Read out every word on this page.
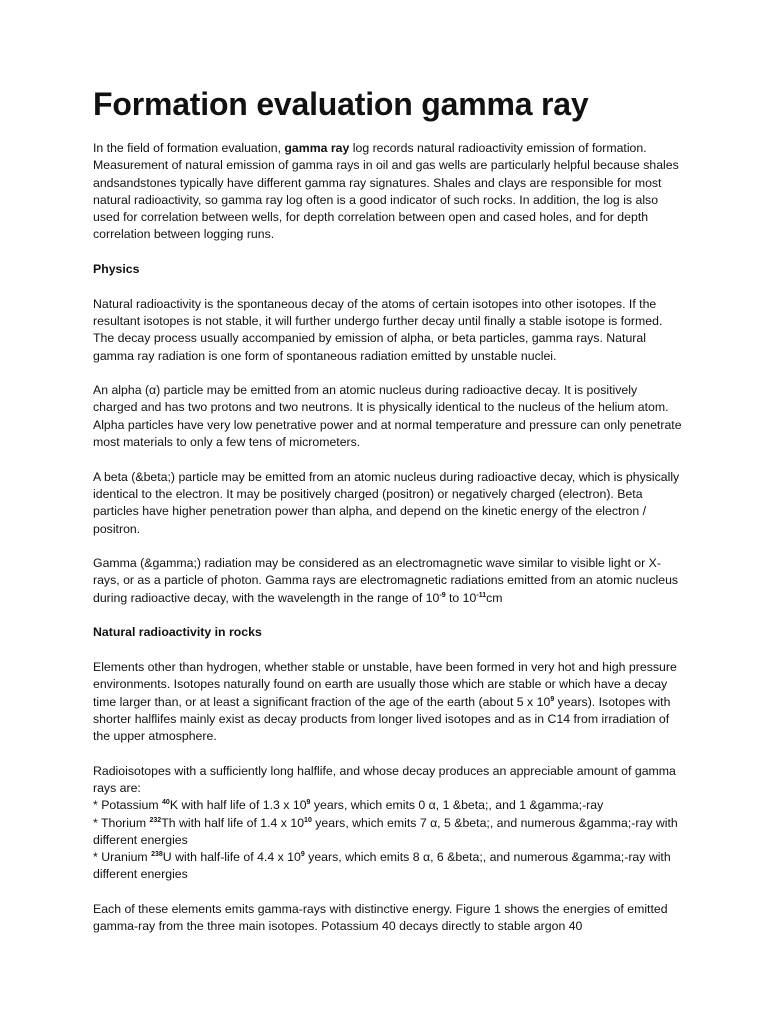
Formation evaluation gamma ray

In the field of formation evaluation, gamma ray log records natural radioactivity emission of formation. Measurement of natural emission of gamma rays in oil and gas wells are particularly helpful because shales andsandstones typically have different gamma ray signatures. Shales and clays are responsible for most natural radioactivity, so gamma ray log often is a good indicator of such rocks. In addition, the log is also used for correlation between wells, for depth correlation between open and cased holes, and for depth correlation between logging runs.

Physics

Natural radioactivity is the spontaneous decay of the atoms of certain isotopes into other isotopes. If the resultant isotopes is not stable, it will further undergo further decay until finally a stable isotope is formed. The decay process usually accompanied by emission of alpha, or beta particles, gamma rays. Natural gamma ray radiation is one form of spontaneous radiation emitted by unstable nuclei.

An alpha (α) particle may be emitted from an atomic nucleus during radioactive decay. It is positively charged and has two protons and two neutrons. It is physically identical to the nucleus of the helium atom. Alpha particles have very low penetrative power and at normal temperature and pressure can only penetrate most materials to only a few tens of micrometers.

A beta (&beta;) particle may be emitted from an atomic nucleus during radioactive decay, which is physically identical to the electron. It may be positively charged (positron) or negatively charged (electron). Beta particles have higher penetration power than alpha, and depend on the kinetic energy of the electron / positron.

Gamma (&gamma;) radiation may be considered as an electromagnetic wave similar to visible light or X-rays, or as a particle of photon. Gamma rays are electromagnetic radiations emitted from an atomic nucleus during radioactive decay, with the wavelength in the range of $10^{-9}$ to $10^{-11}cm$

Natural radioactivity in rocks

Elements other than hydrogen, whether stable or unstable, have been formed in very hot and high pressure environments. Isotopes naturally found on earth are usually those which are stable or which have a decay time larger than, or at least a significant fraction of the age of the earth (about 5 x $10^9$ years). Isotopes with shorter halflifes mainly exist as decay products from longer lived isotopes and as in C14 from irradiation of the upper atmosphere.

Radioisotopes with a sufficiently long halflife, and whose decay produces an appreciable amount of gamma rays are:
* Potassium $^{40}$K with half life of 1.3 x $10^9$ years, which emits 0 α, 1 &beta;, and 1 &gamma;-ray
* Thorium $^{232}$Th with half life of 1.4 x $10^{10}$ years, which emits 7 α, 5 &beta;, and numerous &gamma;-ray with different energies
* Uranium $^{238}$U with half-life of 4.4 x $10^9$ years, which emits 8 α, 6 &beta;, and numerous &gamma;-ray with different energies

Each of these elements emits gamma-rays with distinctive energy. Figure 1 shows the energies of emitted gamma-ray from the three main isotopes. Potassium 40 decays directly to stable argon 40
